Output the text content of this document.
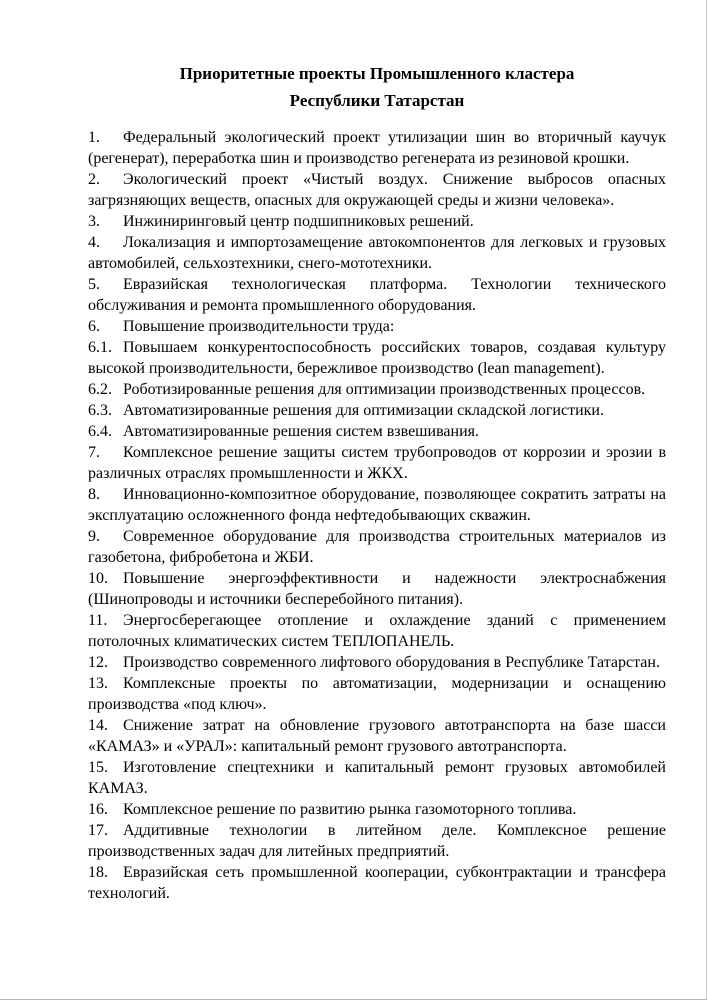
Приоритетные проекты Промышленного кластера
Республики Татарстан

1. Федеральный экологический проект утилизации шин во вторичный каучук (регенерат), переработка шин и производство регенерата из резиновой крошки.

2. Экологический проект «Чистый воздух. Снижение выбросов опасных загрязняющих веществ, опасных для окружающей среды и жизни человека».

3. Инжиниринговый центр подшипниковых решений.

4. Локализация и импортозамещение автокомпонентов для легковых и грузовых автомобилей, сельхозтехники, снего-мототехники.

5. Евразийская технологическая платформа. Технологии технического обслуживания и ремонта промышленного оборудования.

6. Повышение производительности труда:

6.1. Повышаем конкурентоспособность российских товаров, создавая культуру высокой производительности, бережливое производство (lean management).

6.2. Роботизированные решения для оптимизации производственных процессов.

6.3. Автоматизированные решения для оптимизации складской логистики.

6.4. Автоматизированные решения систем взвешивания.

7. Комплексное решение защиты систем трубопроводов от коррозии и эрозии в различных отраслях промышленности и ЖКХ.

8. Инновационно-композитное оборудование, позволяющее сократить затраты на эксплуатацию осложненного фонда нефтедобывающих скважин.

9. Современное оборудование для производства строительных материалов из газобетона, фибробетона и ЖБИ.

10. Повышение энергоэффективности и надежности электроснабжения (Шинопроводы и источники бесперебойного питания).

11. Энергосберегающее отопление и охлаждение зданий с применением потолочных климатических систем ТЕПЛОПАНЕЛЬ.

12. Производство современного лифтового оборудования в Республике Татарстан.

13. Комплексные проекты по автоматизации, модернизации и оснащению производства «под ключ».

14. Снижение затрат на обновление грузового автотранспорта на базе шасси «КАМАЗ» и «УРАЛ»: капитальный ремонт грузового автотранспорта.

15. Изготовление спецтехники и капитальный ремонт грузовых автомобилей КАМАЗ.

16. Комплексное решение по развитию рынка газомоторного топлива.

17. Аддитивные технологии в литейном деле. Комплексное решение производственных задач для литейных предприятий.

18. Евразийская сеть промышленной кооперации, субконтрактации и трансфера технологий.
